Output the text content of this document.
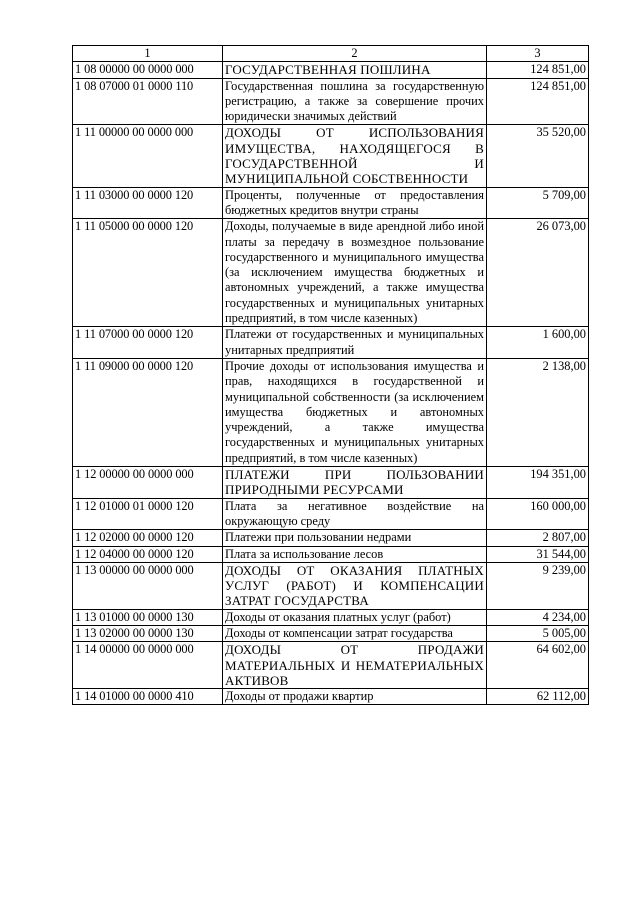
1	2	3
1 08 00000 00 0000 000	ГОСУДАРСТВЕННАЯ ПОШЛИНА	124 851,00
1 08 07000 01 0000 110	Государственная пошлина за государственную регистрацию, а также за совершение прочих юридически значимых действий	124 851,00
1 11 00000 00 0000 000	ДОХОДЫ ОТ ИСПОЛЬЗОВАНИЯ ИМУЩЕСТВА, НАХОДЯЩЕГОСЯ В ГОСУДАРСТВЕННОЙ И МУНИЦИПАЛЬНОЙ СОБСТВЕННОСТИ	35 520,00
1 11 03000 00 0000 120	Проценты, полученные от предоставления бюджетных кредитов внутри страны	5 709,00
1 11 05000 00 0000 120	Доходы, получаемые в виде арендной либо иной платы за передачу в возмездное пользование государственного и муниципального имущества (за исключением имущества бюджетных и автономных учреждений, а также имущества государственных и муниципальных унитарных предприятий, в том числе казенных)	26 073,00
1 11 07000 00 0000 120	Платежи от государственных и муниципальных унитарных предприятий	1 600,00
1 11 09000 00 0000 120	Прочие доходы от использования имущества и прав, находящихся в государственной и муниципальной собственности (за исключением имущества бюджетных и автономных учреждений, а также имущества государственных и муниципальных унитарных предприятий, в том числе казенных)	2 138,00
1 12 00000 00 0000 000	ПЛАТЕЖИ ПРИ ПОЛЬЗОВАНИИ ПРИРОДНЫМИ РЕСУРСАМИ	194 351,00
1 12 01000 01 0000 120	Плата за негативное воздействие на окружающую среду	160 000,00
1 12 02000 00 0000 120	Платежи при пользовании недрами	2 807,00
1 12 04000 00 0000 120	Плата за использование лесов	31 544,00
1 13 00000 00 0000 000	ДОХОДЫ ОТ ОКАЗАНИЯ ПЛАТНЫХ УСЛУГ (РАБОТ) И КОМПЕНСАЦИИ ЗАТРАТ ГОСУДАРСТВА	9 239,00
1 13 01000 00 0000 130	Доходы от оказания платных услуг (работ)	4 234,00
1 13 02000 00 0000 130	Доходы от компенсации затрат государства	5 005,00
1 14 00000 00 0000 000	ДОХОДЫ ОТ ПРОДАЖИ МАТЕРИАЛЬНЫХ И НЕМАТЕРИАЛЬНЫХ АКТИВОВ	64 602,00
1 14 01000 00 0000 410	Доходы от продажи квартир	62 112,00
